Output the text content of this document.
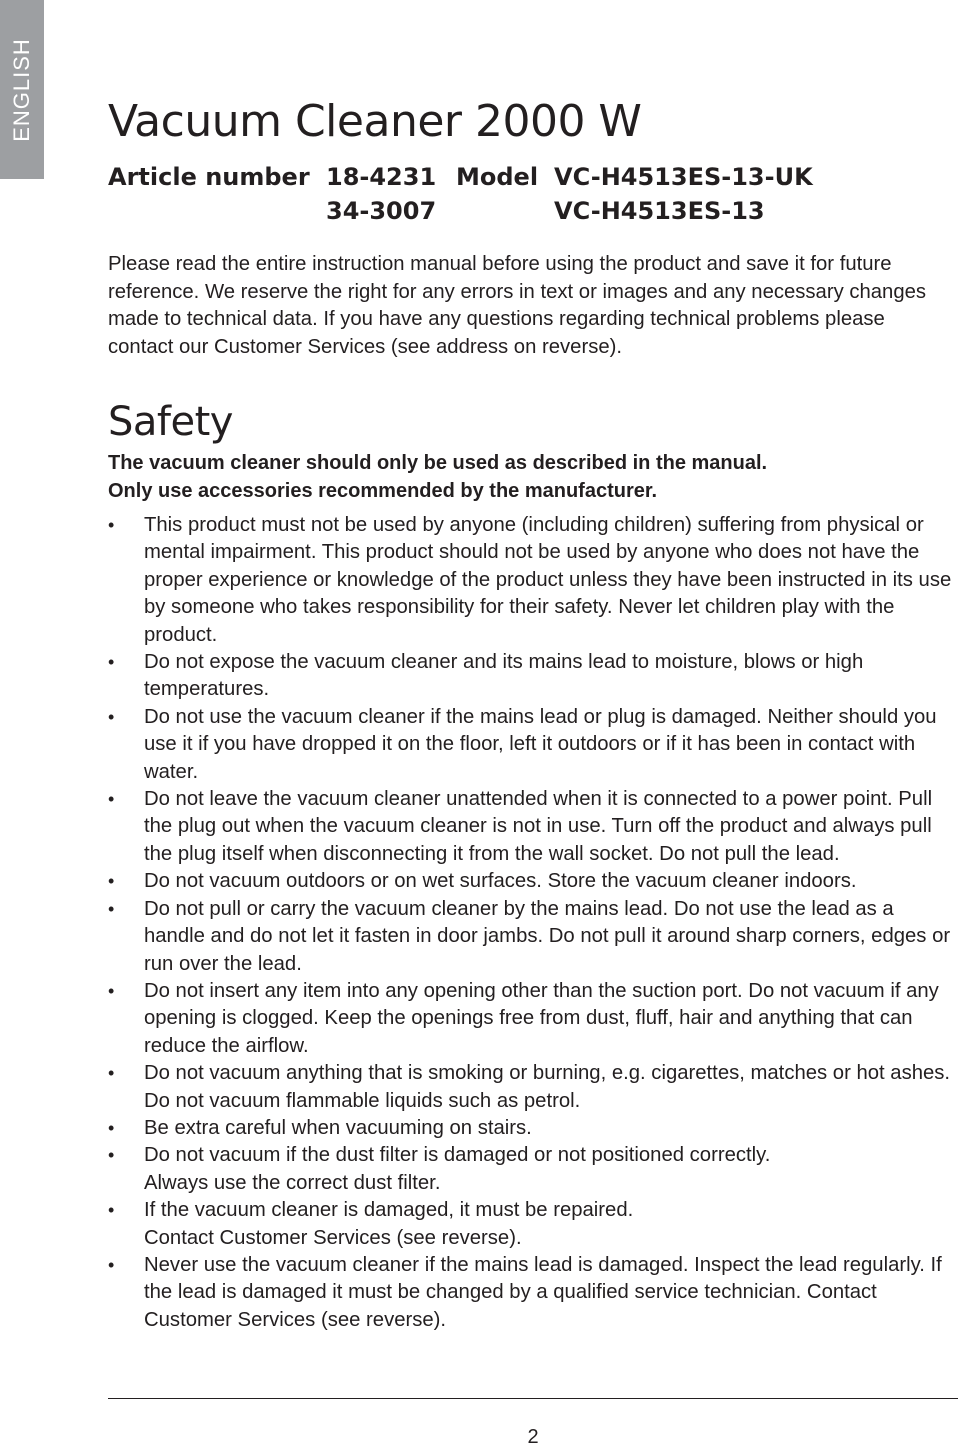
ENGLISH Vacuum Cleaner 2000 W
Article number 18-4231 Model VC-H4513ES-13-UK
34-3007	VC-H4513ES-13

Please read the entire instruction manual before using the product and save it for future reference. We reserve the right for any errors in text or images and any necessary changes made to technical data. If you have any questions regarding technical problems please contact our Customer Services (see address on reverse).

Safety

The vacuum cleaner should only be used as described in the manual.
Only use accessories recommended by the manufacturer.

• This product must not be used by anyone (including children) suffering from physical or mental impairment. This product should not be used by anyone who does not have the proper experience or knowledge of the product unless they have been instructed in its use by someone who takes responsibility for their safety. Never let children play with the product.
• Do not expose the vacuum cleaner and its mains lead to moisture, blows or high temperatures.
• Do not use the vacuum cleaner if the mains lead or plug is damaged. Neither should you use it if you have dropped it on the floor, left it outdoors or if it has been in contact with water.
• Do not leave the vacuum cleaner unattended when it is connected to a power point. Pull the plug out when the vacuum cleaner is not in use. Turn off the product and always pull the plug itself when disconnecting it from the wall socket. Do not pull the lead.
• Do not vacuum outdoors or on wet surfaces. Store the vacuum cleaner indoors.
• Do not pull or carry the vacuum cleaner by the mains lead. Do not use the lead as a handle and do not let it fasten in door jambs. Do not pull it around sharp corners, edges or run over the lead.
• Do not insert any item into any opening other than the suction port. Do not vacuum if any opening is clogged. Keep the openings free from dust, fluff, hair and anything that can reduce the airflow.
• Do not vacuum anything that is smoking or burning, e.g. cigarettes, matches or hot ashes. Do not vacuum flammable liquids such as petrol.
• Be extra careful when vacuuming on stairs.
• Do not vacuum if the dust filter is damaged or not positioned correctly.
Always use the correct dust filter.
• If the vacuum cleaner is damaged, it must be repaired.
Contact Customer Services (see reverse).
• Never use the vacuum cleaner if the mains lead is damaged. Inspect the lead regularly. If the lead is damaged it must be changed by a qualified service technician. Contact Customer Services (see reverse).
2
